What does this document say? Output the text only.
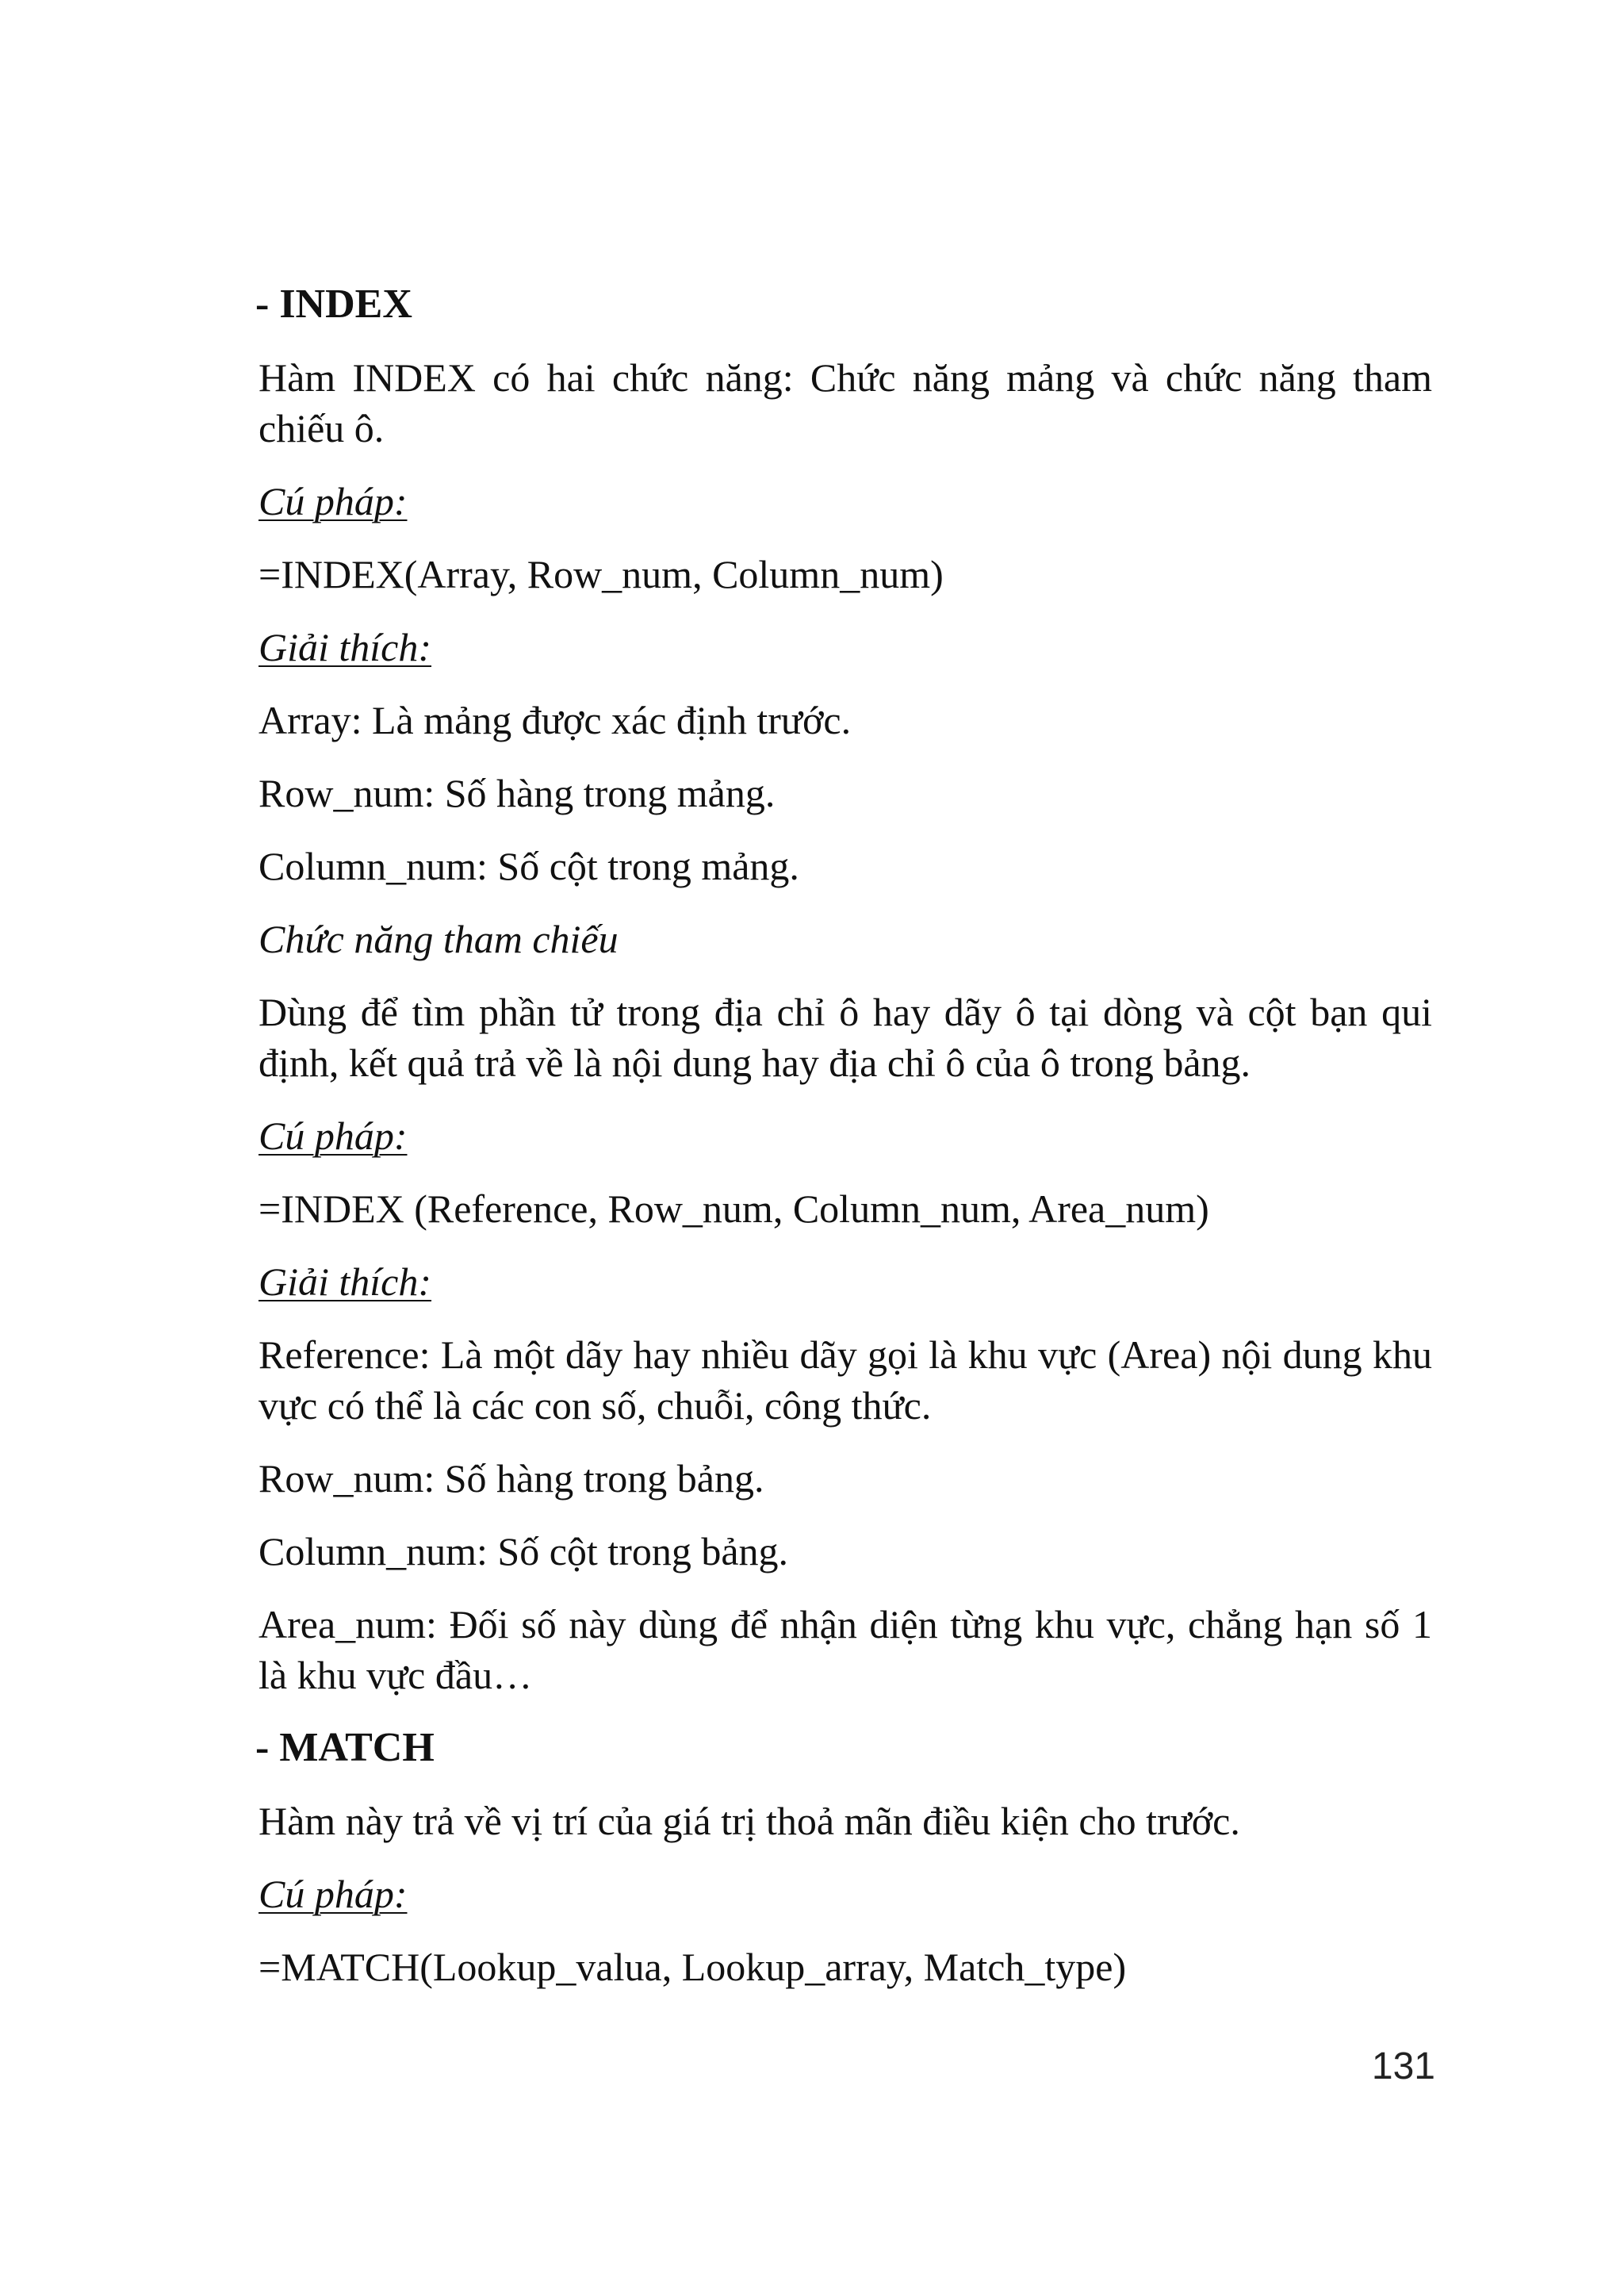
- INDEX
Hàm INDEX có hai chức năng: Chức năng mảng và chức năng tham chiếu ô.
Cú pháp:
=INDEX(Array, Row_num, Column_num)
Giải thích:
Array: Là mảng được xác định trước.
Row_num: Số hàng trong mảng.
Column_num: Số cột trong mảng.
Chức năng tham chiếu
Dùng để tìm phần tử trong địa chỉ ô hay dãy ô tại dòng và cột bạn qui định, kết quả trả về là nội dung hay địa chỉ ô của ô trong bảng.
Cú pháp:
=INDEX (Reference, Row_num, Column_num, Area_num)
Giải thích:
Reference: Là một dãy hay nhiều dãy gọi là khu vực (Area) nội dung khu vực có thể là các con số, chuỗi, công thức.
Row_num: Số hàng trong bảng.
Column_num: Số cột trong bảng.
Area_num: Đối số này dùng để nhận diện từng khu vực, chẳng hạn số 1 là khu vực đầu…
- MATCH
Hàm này trả về vị trí của giá trị thoả mãn điều kiện cho trước.
Cú pháp:
=MATCH(Lookup_valua, Lookup_array, Match_type)
131
